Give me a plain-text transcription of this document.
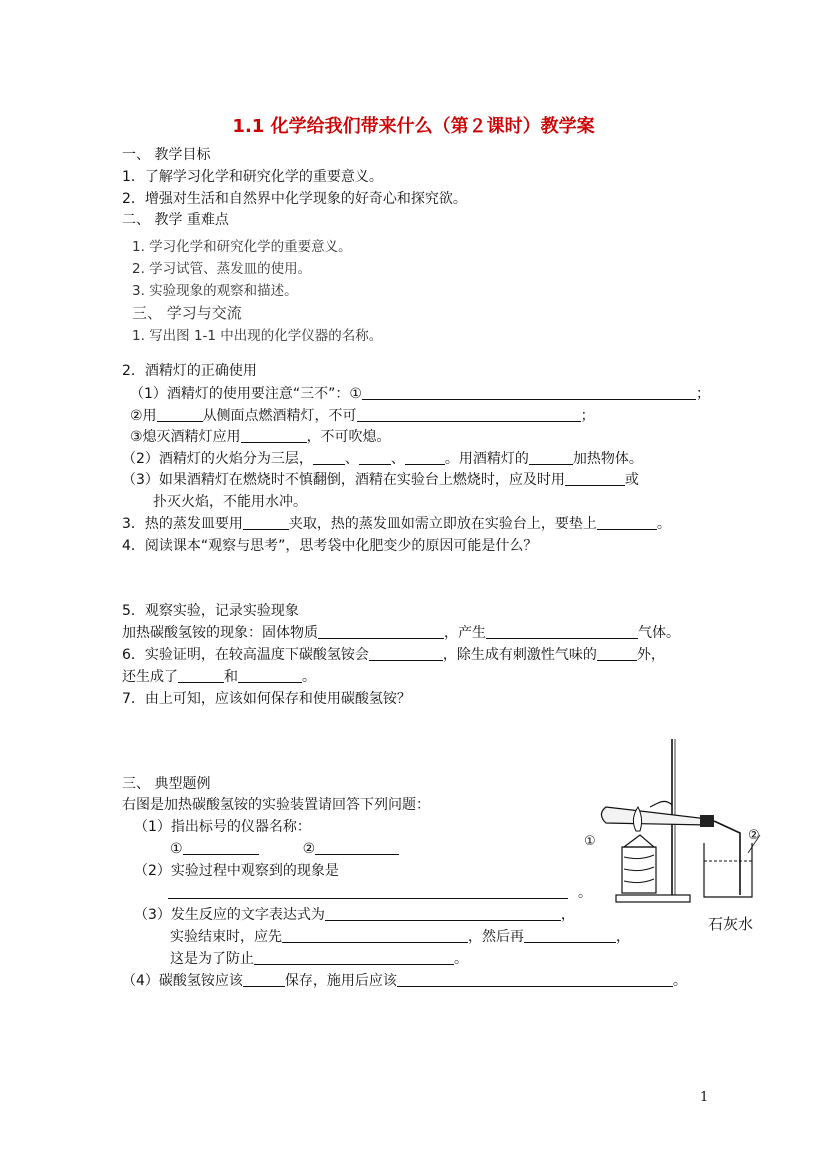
1.1 化学给我们带来什么（第２课时）教学案
一、 教学目标
1．了解学习化学和研究化学的重要意义。
2．增强对生活和自然界中化学现象的好奇心和探究欲。
二、 教学 重难点
1. 学习化学和研究化学的重要意义。
2. 学习试管、蒸发皿的使用。
3. 实验现象的观察和描述。
三、 学习与交流
1. 写出图 1-1 中出现的化学仪器的名称。
2．酒精灯的正确使用
（1）酒精灯的使用要注意“三不”：①	；
②用	从侧面点燃酒精灯，不可	；
③熄灭酒精灯应用	，不可吹熄。
（2）酒精灯的火焰分为三层， 、 、	。用酒精灯的	加热物体。
（3）如果酒精灯在燃烧时不慎翻倒，酒精在实验台上燃烧时，应及时用	或
扑灭火焰，不能用水冲。
3．热的蒸发皿要用	夹取，热的蒸发皿如需立即放在实验台上，要垫上	。
4．阅读课本“观察与思考”，思考袋中化肥变少的原因可能是什么？
5．观察实验，记录实验现象
加热碳酸氢铵的现象：固体物质	，产生	气体。
6．实验证明，在较高温度下碳酸氢铵会	，除生成有刺激性气味的	外，
还生成了	和	。
7．由上可知，应该如何保存和使用碳酸氢铵？
三、 典型题例
右图是加热碳酸氢铵的实验装置请回答下列问题：
（1）指出标号的仪器名称：
①	②
（2）实验过程中观察到的现象是
。
（3）发生反应的文字表达式为	，
实验结束时，应先	，然后再	，
这是为了防止	。
（4）碳酸氢铵应该	保存，施用后应该	。
①	②
石灰水
1
